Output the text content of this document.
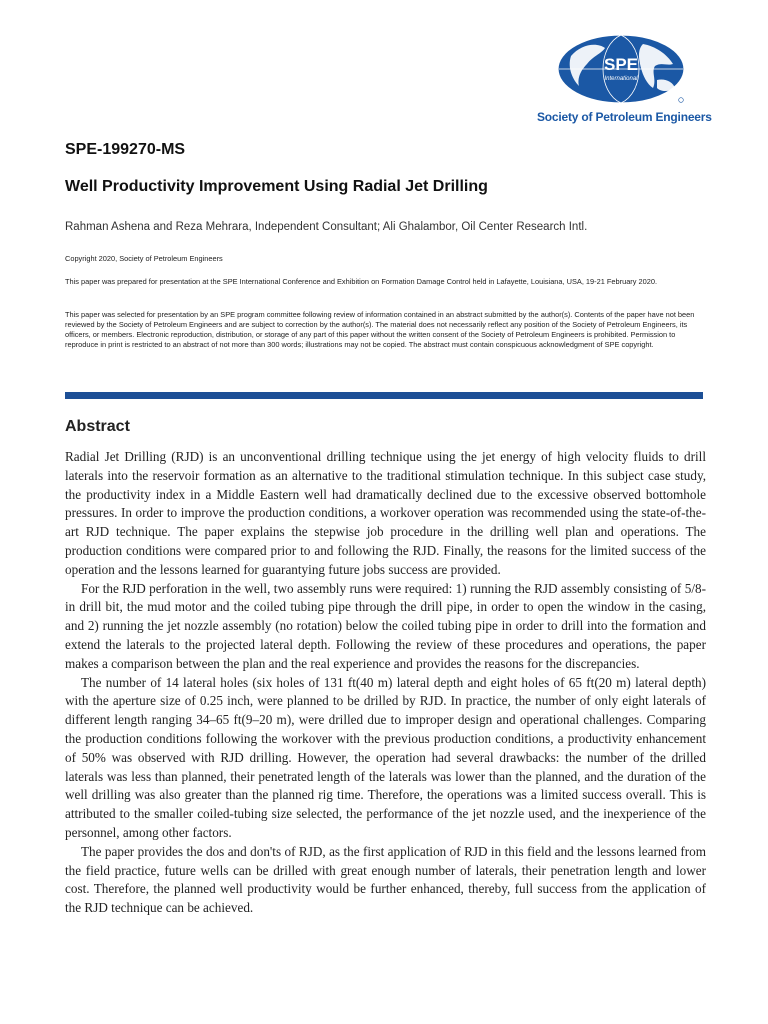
SPE
International
Society of Petroleum Engineers
SPE-199270-MS
Well Productivity Improvement Using Radial Jet Drilling
Rahman Ashena and Reza Mehrara, Independent Consultant; Ali Ghalambor, Oil Center Research Intl.
Copyright 2020, Society of Petroleum Engineers
This paper was prepared for presentation at the SPE International Conference and Exhibition on Formation Damage Control held in Lafayette, Louisiana, USA, 19-21 February 2020.
This paper was selected for presentation by an SPE program committee following review of information contained in an abstract submitted by the author(s). Contents of the paper have not been reviewed by the Society of Petroleum Engineers and are subject to correction by the author(s). The material does not necessarily reflect any position of the Society of Petroleum Engineers, its officers, or members. Electronic reproduction, distribution, or storage of any part of this paper without the written consent of the Society of Petroleum Engineers is prohibited. Permission to reproduce in print is restricted to an abstract of not more than 300 words; illustrations may not be copied. The abstract must contain conspicuous acknowledgment of SPE copyright.
Abstract

Radial Jet Drilling (RJD) is an unconventional drilling technique using the jet energy of high velocity fluids to drill laterals into the reservoir formation as an alternative to the traditional stimulation technique. In this subject case study, the productivity index in a Middle Eastern well had dramatically declined due to the excessive observed bottomhole pressures. In order to improve the production conditions, a workover operation was recommended using the state-of-the-art RJD technique. The paper explains the stepwise job procedure in the drilling well plan and operations. The production conditions were compared prior to and following the RJD. Finally, the reasons for the limited success of the operation and the lessons learned for guarantying future jobs success are provided.

For the RJD perforation in the well, two assembly runs were required: 1) running the RJD assembly consisting of 5/8-in drill bit, the mud motor and the coiled tubing pipe through the drill pipe, in order to open the window in the casing, and 2) running the jet nozzle assembly (no rotation) below the coiled tubing pipe in order to drill into the formation and extend the laterals to the projected lateral depth. Following the review of these procedures and operations, the paper makes a comparison between the plan and the real experience and provides the reasons for the discrepancies.

The number of 14 lateral holes (six holes of 131 ft(40 m) lateral depth and eight holes of 65 ft(20 m) lateral depth) with the aperture size of 0.25 inch, were planned to be drilled by RJD. In practice, the number of only eight laterals of different length ranging 34–65 ft(9–20 m), were drilled due to improper design and operational challenges. Comparing the production conditions following the workover with the previous production conditions, a productivity enhancement of 50% was observed with RJD drilling. However, the operation had several drawbacks: the number of the drilled laterals was less than planned, their penetrated length of the laterals was lower than the planned, and the duration of the well drilling was also greater than the planned rig time. Therefore, the operations was a limited success overall. This is attributed to the smaller coiled-tubing size selected, the performance of the jet nozzle used, and the inexperience of the personnel, among other factors.

The paper provides the dos and don'ts of RJD, as the first application of RJD in this field and the lessons learned from the field practice, future wells can be drilled with great enough number of laterals, their penetration length and lower cost. Therefore, the planned well productivity would be further enhanced, thereby, full success from the application of the RJD technique can be achieved.
